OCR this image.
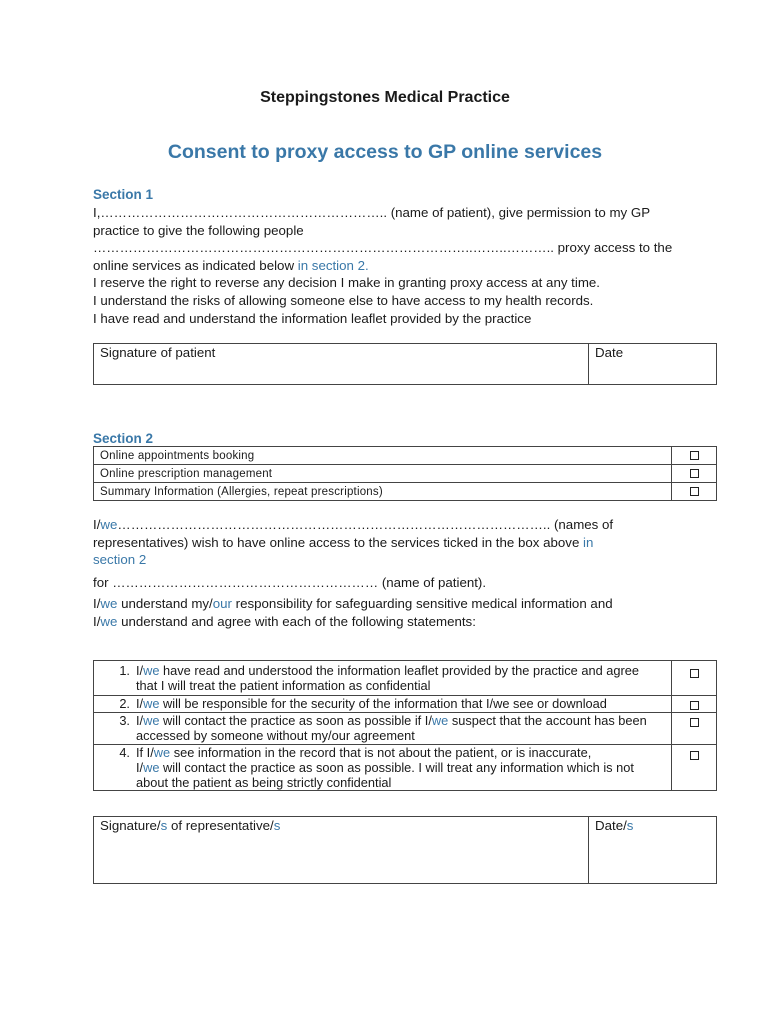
Steppingstones Medical Practice
Consent to proxy access to GP online services
Section 1
I,……………………………………………………….. (name of patient), give permission to my GP
practice to give the following people
…………………………………………………………………………..……..……….. proxy access to the
online services as indicated below in section 2.
I reserve the right to reverse any decision I make in granting proxy access at any time.
I understand the risks of allowing someone else to have access to my health records.
I have read and understand the information leaflet provided by the practice
Signature of patient	Date
Section 2
Online appointments booking	
Online prescription management	
Summary Information (Allergies, repeat prescriptions)	
I/we…………………………………………………………………………………….. (names of
representatives) wish to have online access to the services ticked in the box above in
section 2
for …………………………………………………… (name of patient).
I/we understand my/our responsibility for safeguarding sensitive medical information and
I/we understand and agree with each of the following statements:
1. I/we have read and understood the information leaflet provided by the practice and agree that I will treat the patient information as confidential	
2. I/we will be responsible for the security of the information that I/we see or download	
3. I/we will contact the practice as soon as possible if I/we suspect that the account has been accessed by someone without my/our agreement	
4. If I/we see information in the record that is not about the patient, or is inaccurate,
I/we will contact the practice as soon as possible. I will treat any information which is not about the patient as being strictly confidential	
Signature/s of representative/s	Date/s
